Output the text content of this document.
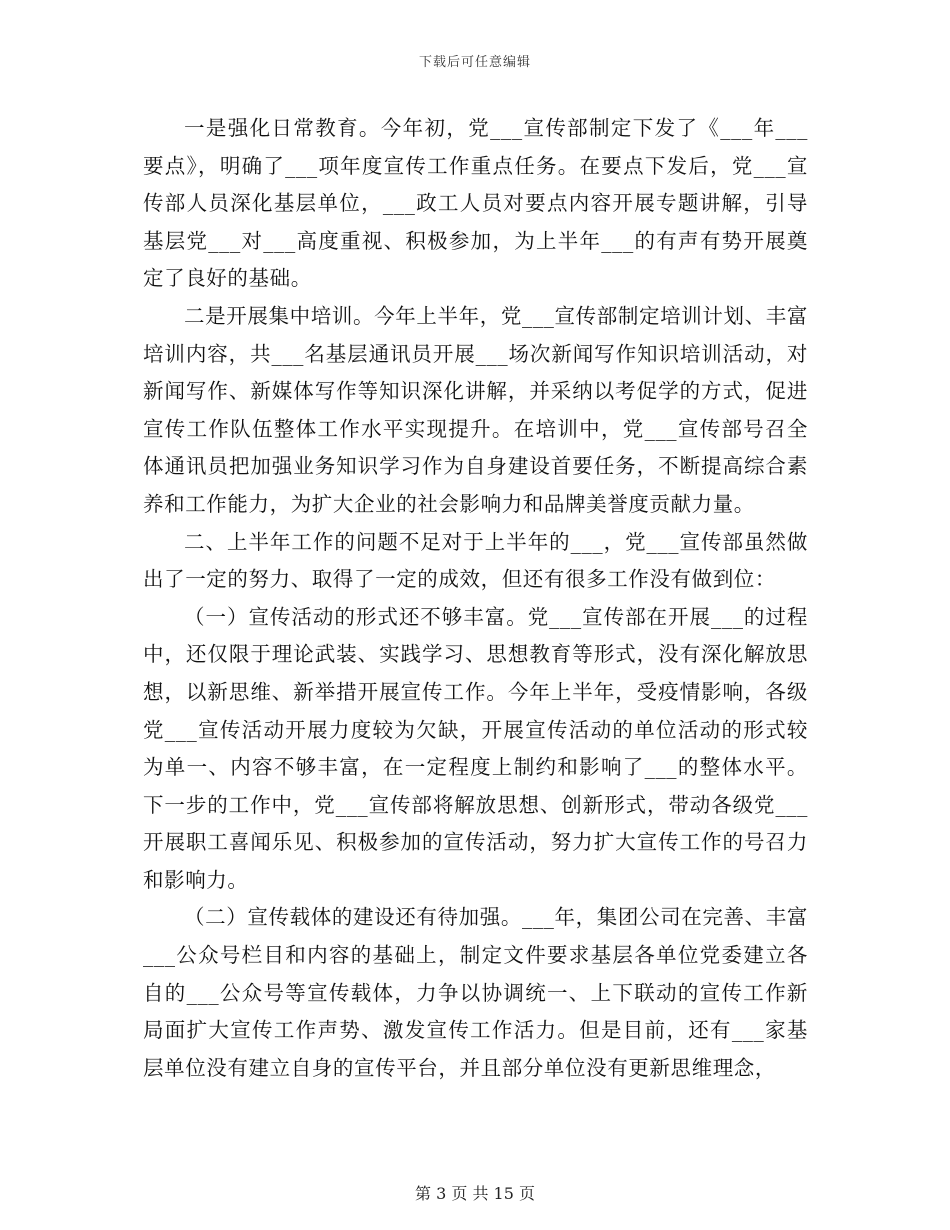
下载后可任意编辑

一是强化日常教育。今年初，党___宣传部制定下发了《___年___要点》，明确了___项年度宣传工作重点任务。在要点下发后，党___宣传部人员深化基层单位，___政工人员对要点内容开展专题讲解，引导基层党___对___高度重视、积极参加，为上半年___的有声有势开展奠定了良好的基础。

二是开展集中培训。今年上半年，党___宣传部制定培训计划、丰富培训内容，共___名基层通讯员开展___场次新闻写作知识培训活动，对新闻写作、新媒体写作等知识深化讲解，并采纳以考促学的方式，促进宣传工作队伍整体工作水平实现提升。在培训中，党___宣传部号召全体通讯员把加强业务知识学习作为自身建设首要任务，不断提高综合素养和工作能力，为扩大企业的社会影响力和品牌美誉度贡献力量。

二、上半年工作的问题不足对于上半年的___，党___宣传部虽然做出了一定的努力、取得了一定的成效，但还有很多工作没有做到位：

（一）宣传活动的形式还不够丰富。党___宣传部在开展___的过程中，还仅限于理论武装、实践学习、思想教育等形式，没有深化解放思想，以新思维、新举措开展宣传工作。今年上半年，受疫情影响，各级党___宣传活动开展力度较为欠缺，开展宣传活动的单位活动的形式较为单一、内容不够丰富，在一定程度上制约和影响了___的整体水平。下一步的工作中，党___宣传部将解放思想、创新形式，带动各级党___开展职工喜闻乐见、积极参加的宣传活动，努力扩大宣传工作的号召力和影响力。

（二）宣传载体的建设还有待加强。___年，集团公司在完善、丰富___公众号栏目和内容的基础上，制定文件要求基层各单位党委建立各自的___公众号等宣传载体，力争以协调统一、上下联动的宣传工作新局面扩大宣传工作声势、激发宣传工作活力。但是目前，还有___家基层单位没有建立自身的宣传平台，并且部分单位没有更新思维理念，

第 3 页 共 15 页
